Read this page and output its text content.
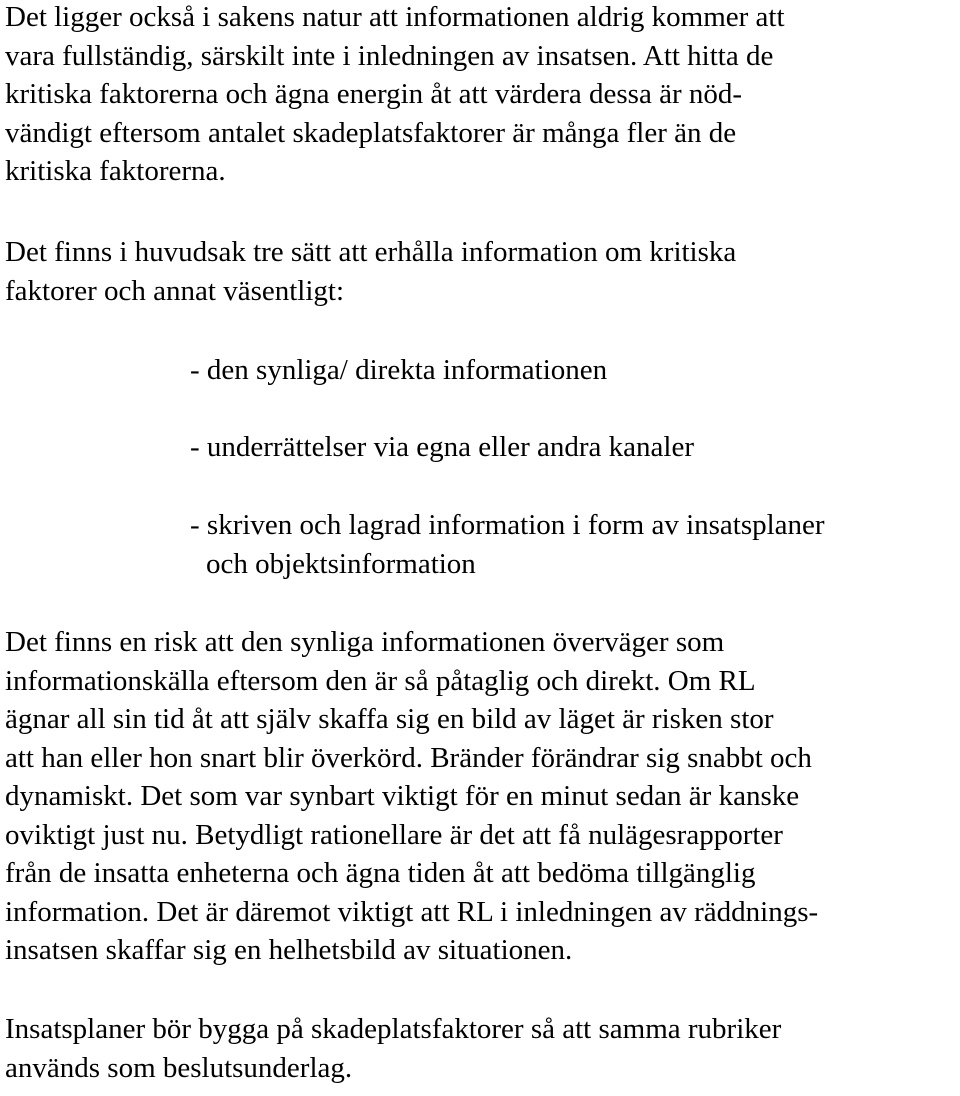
Det ligger också i sakens natur att informationen aldrig kommer att
vara fullständig, särskilt inte i inledningen av insatsen. Att hitta de
kritiska faktorerna och ägna energin åt att värdera dessa är nöd-
vändigt eftersom antalet skadeplatsfaktorer är många fler än de
kritiska faktorerna.

Det finns i huvudsak tre sätt att erhålla information om kritiska
faktorer och annat väsentligt:

- den synliga/ direkta informationen
- underrättelser via egna eller andra kanaler
- skriven och lagrad information i form av insatsplaner
och objektsinformation

Det finns en risk att den synliga informationen överväger som
informationskälla eftersom den är så påtaglig och direkt. Om RL
ägnar all sin tid åt att själv skaffa sig en bild av läget är risken stor
att han eller hon snart blir överkörd. Bränder förändrar sig snabbt och
dynamiskt. Det som var synbart viktigt för en minut sedan är kanske
oviktigt just nu. Betydligt rationellare är det att få nulägesrapporter
från de insatta enheterna och ägna tiden åt att bedöma tillgänglig
information. Det är däremot viktigt att RL i inledningen av räddnings-
insatsen skaffar sig en helhetsbild av situationen.

Insatsplaner bör bygga på skadeplatsfaktorer så att samma rubriker
används som beslutsunderlag.
